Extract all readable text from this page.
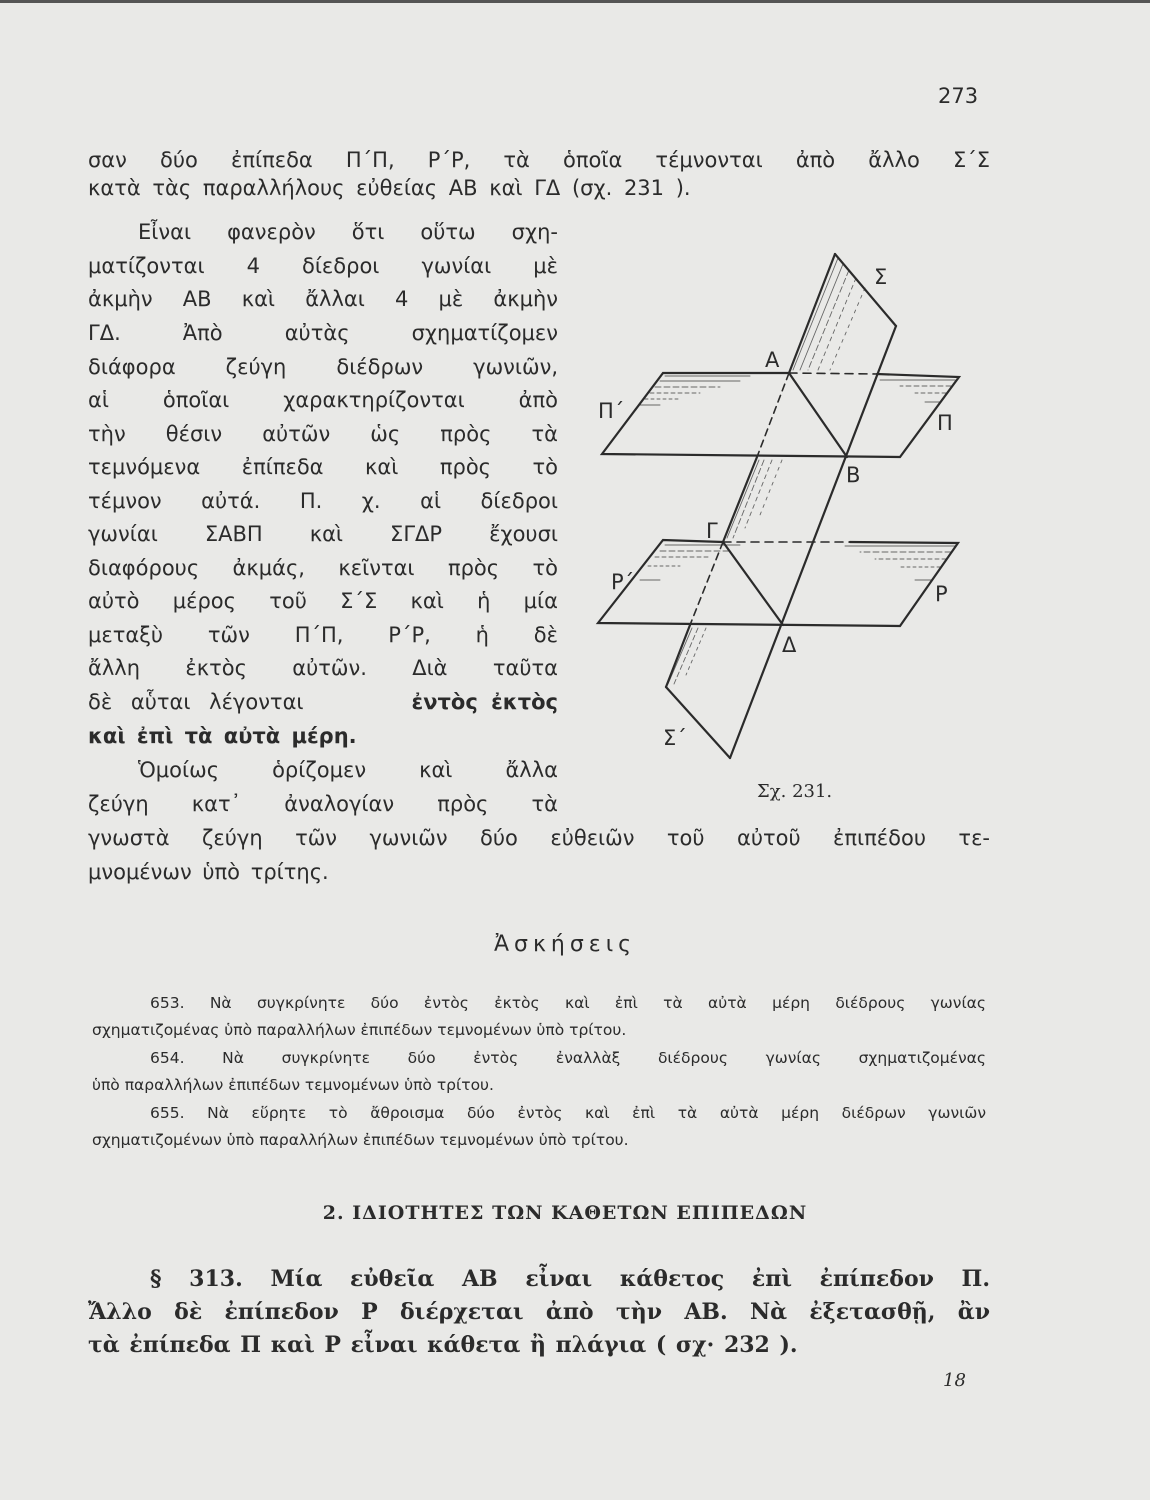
273
σαν δύο ἐπίπεδα Π΄Π, Ρ΄Ρ, τὰ ὁποῖα τέμνονται ἀπὸ ἄλλο Σ΄Σ
κατὰ τὰς παραλλήλους εὐθείας ΑΒ καὶ ΓΔ (σχ. 231 ).
Εἶναι φανερὸν ὅτι οὕτω σχη-
ματίζονται 4 δίεδροι γωνίαι μὲ
ἀκμὴν ΑΒ καὶ ἄλλαι 4 μὲ ἀκμὴν
ΓΔ. Ἀπὸ αὐτὰς σχηματίζομεν
διάφορα ζεύγη διέδρων γωνιῶν,
αἱ ὁποῖαι χαρακτηρίζονται ἀπὸ
τὴν θέσιν αὐτῶν ὡς πρὸς τὰ
τεμνόμενα ἐπίπεδα καὶ πρὸς τὸ
τέμνον αὐτά. Π. χ. αἱ δίεδροι
γωνίαι ΣΑΒΠ καὶ ΣΓΔΡ ἔχουσι
διαφόρους ἀκμάς, κεῖνται πρὸς τὸ
αὐτὸ μέρος τοῦ Σ΄Σ καὶ ἡ μία
μεταξὺ τῶν Π΄Π, Ρ΄Ρ, ἡ δὲ
ἄλλη ἐκτὸς αὐτῶν. Διὰ ταῦτα
δὲ αὗται λέγονται	ἐντὸς ἐκτὸς
καὶ ἐπὶ τὰ αὐτὰ μέρη.
Ὁμοίως ὁρίζομεν καὶ ἄλλα
ζεύγη κατ᾽ ἀναλογίαν πρὸς τὰ
γνωστὰ ζεύγη τῶν γωνιῶν δύο εὐθειῶν τοῦ αὐτοῦ ἐπιπέδου τε-
μνομένων ὑπὸ τρίτης.
Σ
Α
Π΄	Π
Β
Γ
Ρ΄	Ρ
Δ
Σ΄
Σχ. 231.
Ἀσκήσεις
653. Νὰ συγκρίνητε δύο ἐντὸς ἐκτὸς καὶ ἐπὶ τὰ αὐτὰ μέρη διέδρους γωνίας
σχηματιζομένας ὑπὸ παραλλήλων ἐπιπέδων τεμνομένων ὑπὸ τρίτου.
654. Νὰ συγκρίνητε δύο ἐντὸς ἐναλλὰξ διέδρους γωνίας σχηματιζομένας
ὑπὸ παραλλήλων ἐπιπέδων τεμνομένων ὑπὸ τρίτου.
655. Νὰ εὕρητε τὸ ἄθροισμα δύο ἐντὸς καὶ ἐπὶ τὰ αὐτὰ μέρη διέδρων γωνιῶν
σχηματιζομένων ὑπὸ παραλλήλων ἐπιπέδων τεμνομένων ὑπὸ τρίτου.
2. ΙΔΙΟΤΗΤΕΣ ΤΩΝ ΚΑΘΕΤΩΝ ΕΠΙΠΕΔΩΝ
§ 313. Μία εὐθεῖα ΑΒ εἶναι κάθετος ἐπὶ ἐπίπεδον Π.
Ἄλλο δὲ ἐπίπεδον Ρ διέρχεται ἀπὸ τὴν ΑΒ. Νὰ ἐξετασθῇ, ἂν
τὰ ἐπίπεδα Π καὶ Ρ εἶναι κάθετα ἢ πλάγια ( σχ· 232 ).
18
